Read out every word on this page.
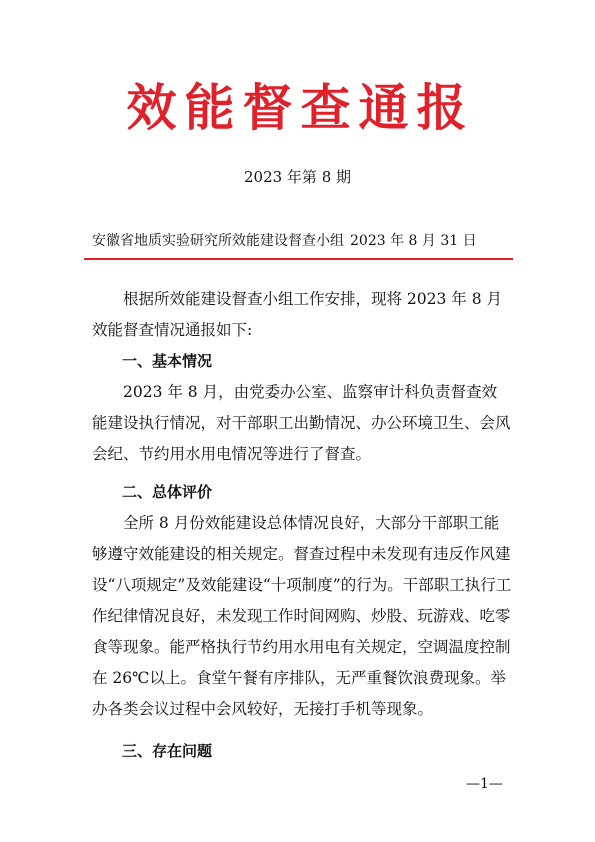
效能督查通报
2023 年第 8 期
安徽省地质实验研究所效能建设督查小组 2023 年 8 月 31 日

根据所效能建设督查小组工作安排，现将 2023 年 8 月效能督查情况通报如下:

一、基本情况

2023 年 8 月，由党委办公室、监察审计科负责督查效能建设执行情况，对干部职工出勤情况、办公环境卫生、会风会纪、节约用水用电情况等进行了督查。

二、总体评价

全所 8 月份效能建设总体情况良好，大部分干部职工能够遵守效能建设的相关规定。督查过程中未发现有违反作风建设“八项规定”及效能建设“十项制度”的行为。干部职工执行工作纪律情况良好，未发现工作时间网购、炒股、玩游戏、吃零食等现象。能严格执行节约用水用电有关规定，空调温度控制在 26℃以上。食堂午餐有序排队，无严重餐饮浪费现象。举办各类会议过程中会风较好，无接打手机等现象。

三、存在问题

—1—
